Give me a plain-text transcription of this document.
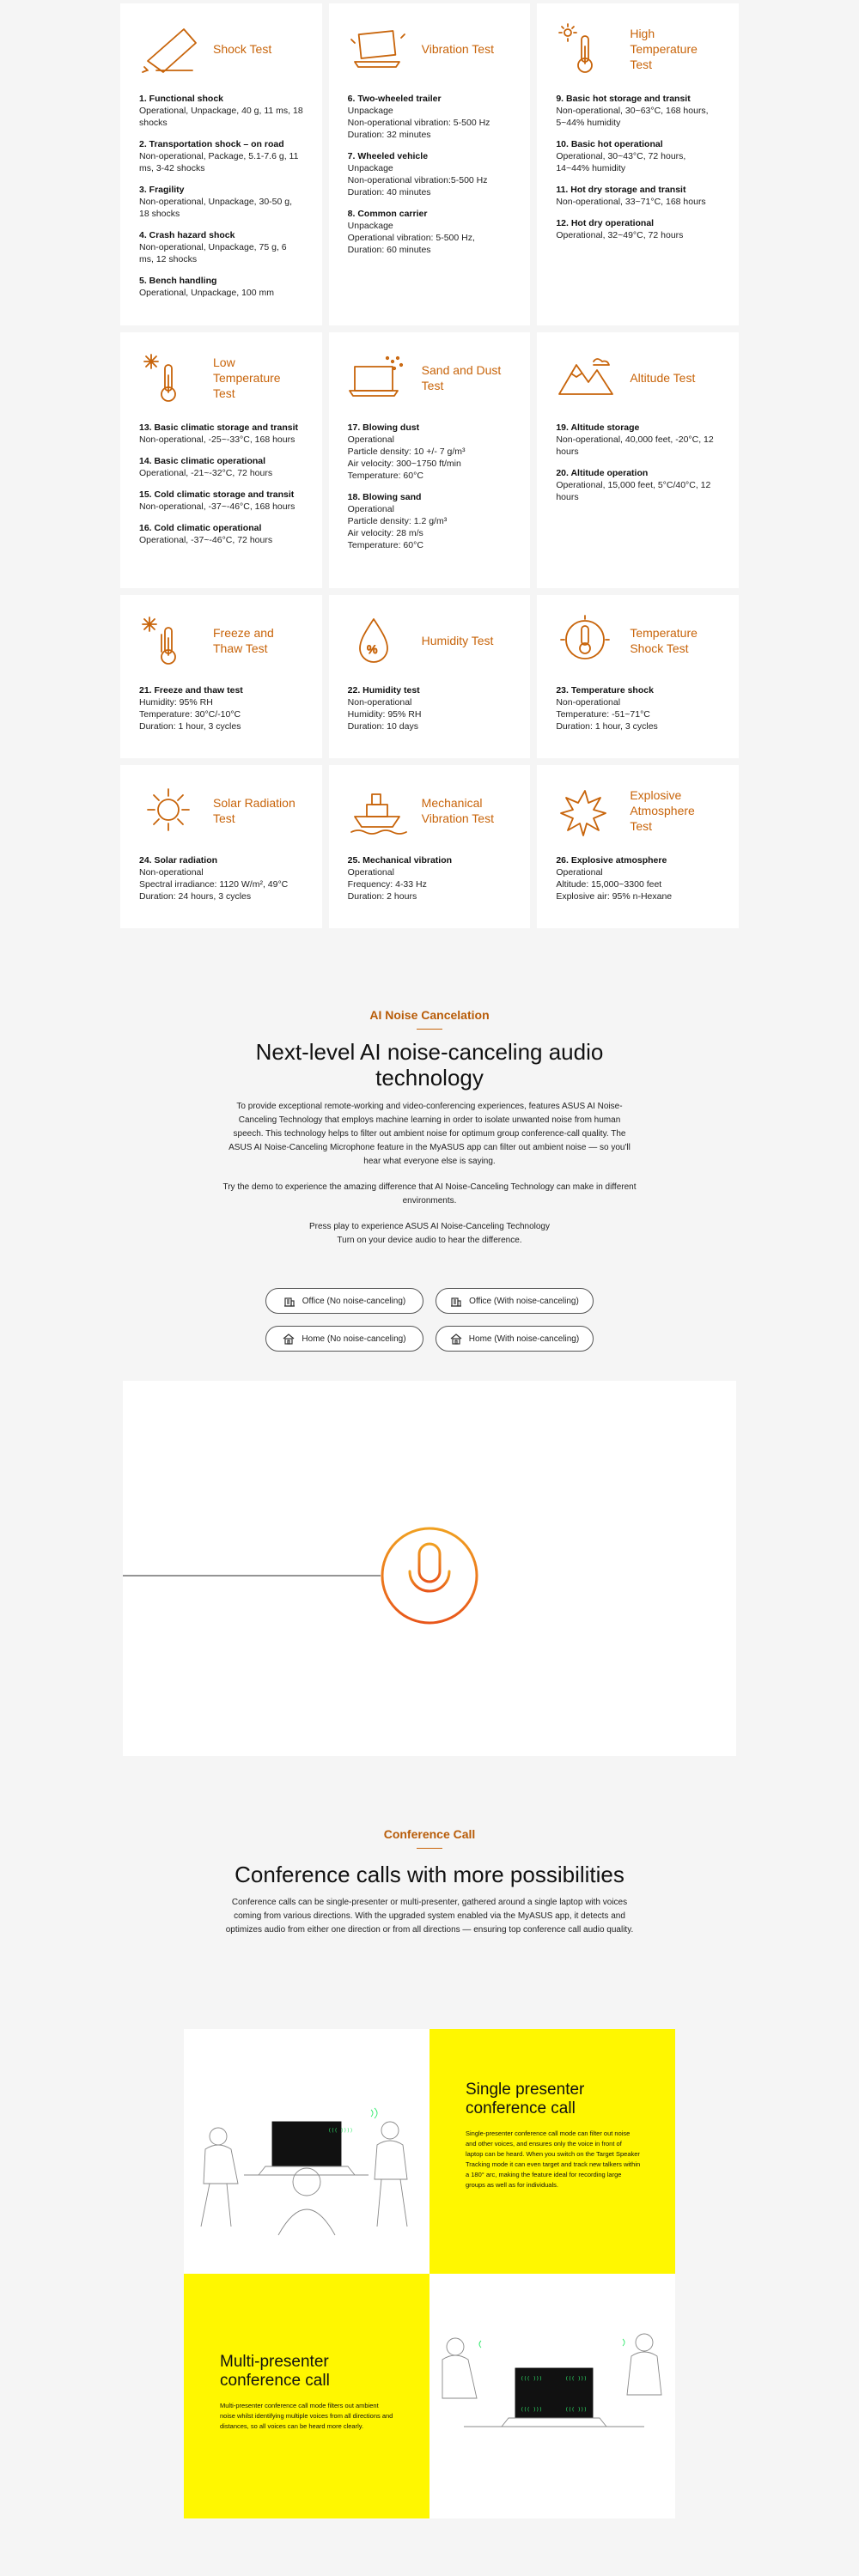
Shock Test
1. Functional shock
Operational, Unpackage, 40 g, 11 ms, 18 shocks
2. Transportation shock – on road
Non-operational, Package, 5.1-7.6 g, 11 ms, 3-42 shocks
3. Fragility
Non-operational, Unpackage, 30-50 g, 18 shocks
4. Crash hazard shock
Non-operational, Unpackage, 75 g, 6 ms, 12 shocks
5. Bench handling
Operational, Unpackage, 100 mm
Vibration Test
6. Two-wheeled trailer
Unpackage
Non-operational vibration: 5-500 Hz
Duration: 32 minutes
7. Wheeled vehicle
Unpackage
Non-operational vibration:5-500 Hz
Duration: 40 minutes
8. Common carrier
Unpackage
Operational vibration: 5-500 Hz,
Duration: 60 minutes
High Temperature Test
9. Basic hot storage and transit
Non-operational, 30~63°C, 168 hours, 5~44% humidity
10. Basic hot operational
Operational, 30~43°C, 72 hours, 14~44% humidity
11. Hot dry storage and transit
Non-operational, 33~71°C, 168 hours
12. Hot dry operational
Operational, 32~49°C, 72 hours
Low Temperature Test
13. Basic climatic storage and transit
Non-operational, -25~-33°C, 168 hours
14. Basic climatic operational
Operational, -21~-32°C, 72 hours
15. Cold climatic storage and transit
Non-operational, -37~-46°C, 168 hours
16. Cold climatic operational
Operational, -37~-46°C, 72 hours
Sand and Dust Test
17. Blowing dust
Operational
Particle density: 10 +/- 7 g/m³
Air velocity: 300~1750 ft/min
Temperature: 60°C
18. Blowing sand
Operational
Particle density: 1.2 g/m³
Air velocity: 28 m/s
Temperature: 60°C
Altitude Test
19. Altitude storage
Non-operational, 40,000 feet, -20°C, 12 hours
20. Altitude operation
Operational, 15,000 feet, 5°C/40°C, 12 hours
Freeze and Thaw Test
21. Freeze and thaw test
Humidity: 95% RH
Temperature: 30°C/-10°C
Duration: 1 hour, 3 cycles
%
Humidity Test
22. Humidity test
Non-operational
Humidity: 95% RH
Duration: 10 days
Temperature Shock Test
23. Temperature shock
Non-operational
Temperature: -51~71°C
Duration: 1 hour, 3 cycles
Solar Radiation Test
24. Solar radiation
Non-operational
Spectral irradiance: 1120 W/m², 49°C
Duration: 24 hours, 3 cycles
Mechanical Vibration Test
25. Mechanical vibration
Operational
Frequency: 4-33 Hz
Duration: 2 hours
Explosive Atmosphere Test
26. Explosive atmosphere
Operational
Altitude: 15,000~3300 feet
Explosive air: 95% n-Hexane
AI Noise Cancelation
Next-level AI noise-canceling audio technology

To provide exceptional remote-working and video-conferencing experiences, features ASUS AI Noise-Canceling Technology that employs machine learning in order to isolate unwanted noise from human speech. This technology helps to filter out ambient noise for optimum group conference-call quality. The ASUS AI Noise-Canceling Microphone feature in the MyASUS app can filter out ambient noise — so you'll hear what everyone else is saying.

Try the demo to experience the amazing difference that AI Noise-Canceling Technology can make in different environments.

Press play to experience ASUS AI Noise-Canceling Technology

Turn on your device audio to hear the difference.

Office (No noise-canceling)	Office (With noise-canceling)
Home (No noise-canceling)	Home (With noise-canceling)
Conference Call
Conference calls with more possibilities

Conference calls can be single-presenter or multi-presenter, gathered around a single laptop with voices coming from various directions. With the upgraded system enabled via the MyASUS app, it detects and optimizes audio from either one direction or from all directions — ensuring top conference call audio quality.

((( ))))
Single presenter conference call
Single-presenter conference call mode can filter out noise and other voices, and ensures only the voice in front of laptop can be heard. When you switch on the Target Speaker Tracking mode it can even target and track new talkers within a 180° arc, making the feature ideal for recording large groups as well as for individuals.
Multi-presenter conference call
Multi-presenter conference call mode filters out ambient noise whilst identifying multiple voices from all directions and distances, so all voices can be heard more clearly.
((( )))	((( )))
((( )))	((( )))
